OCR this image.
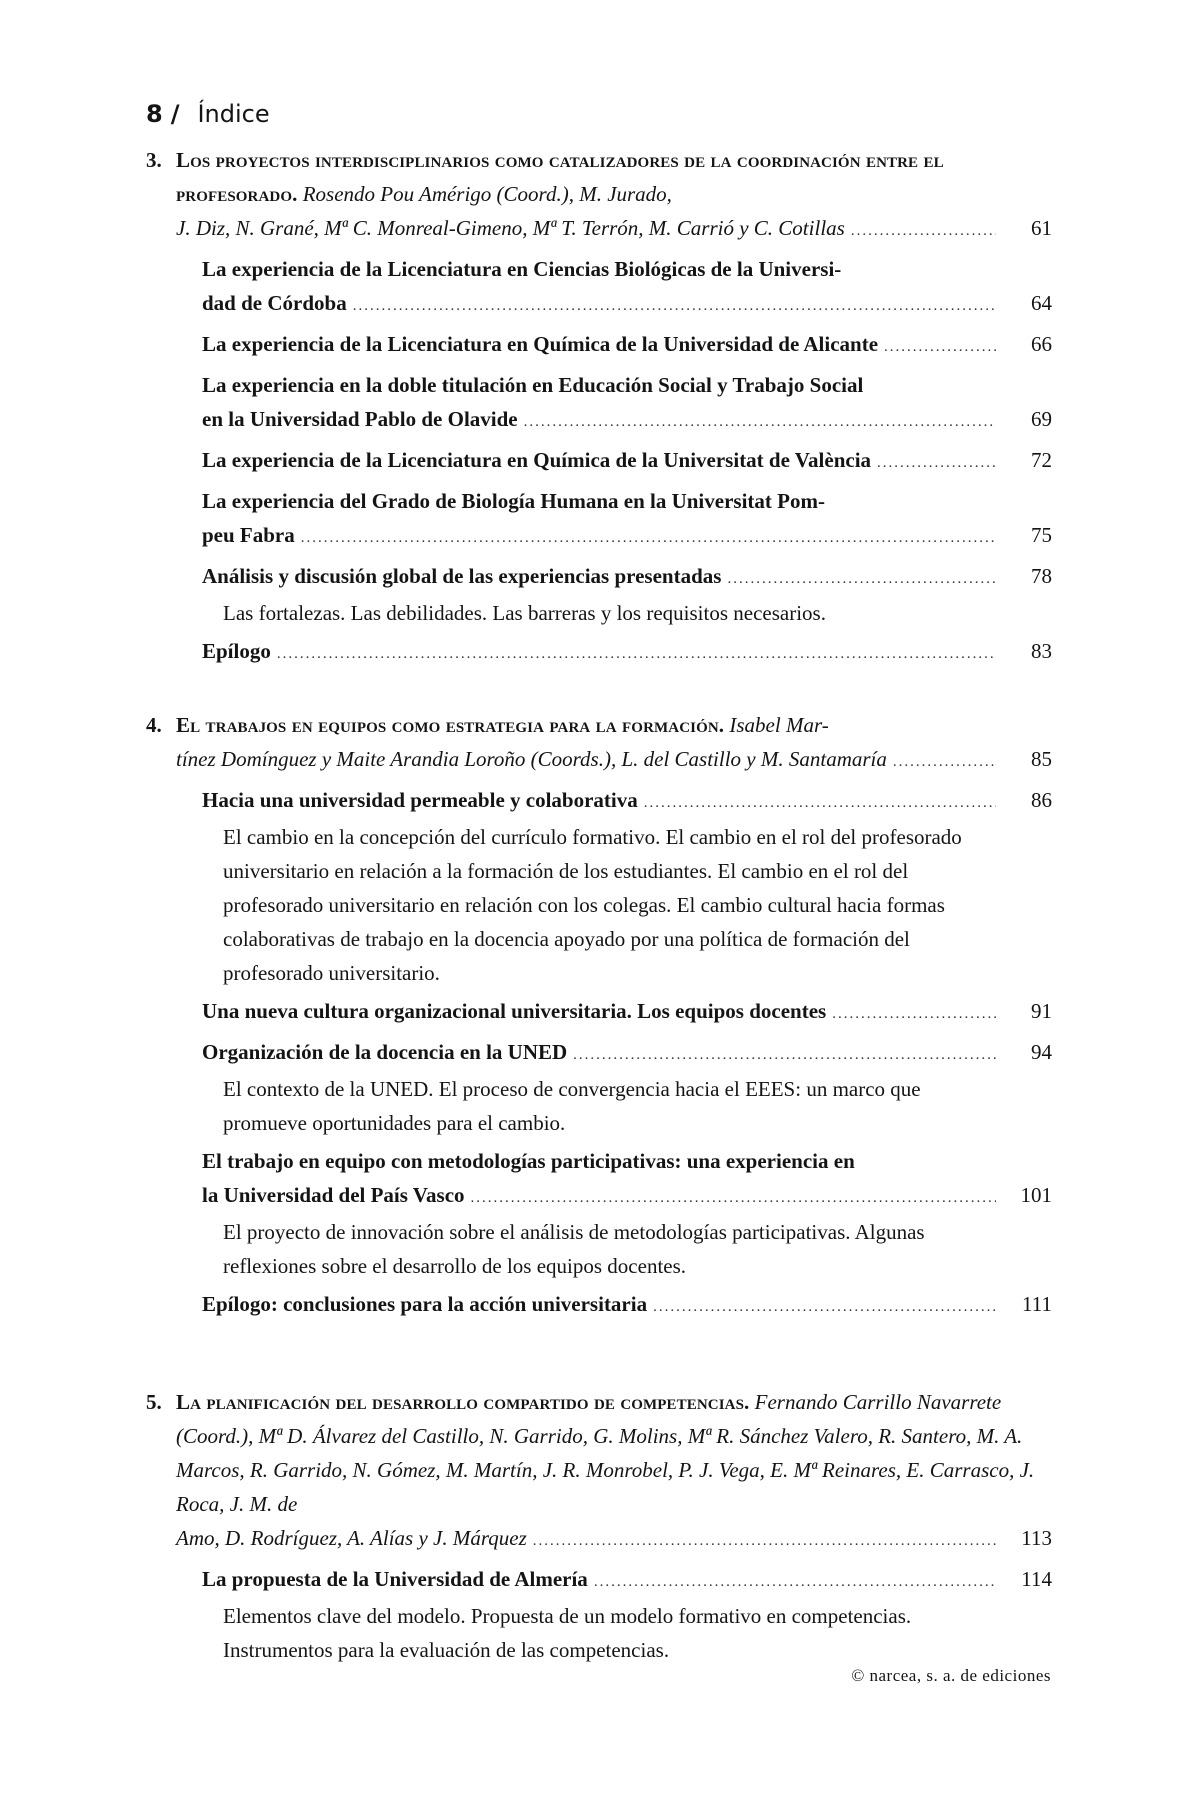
8 / Índice
3. Los proyectos interdisciplinarios como catalizadores de la coordinación entre el profesorado. Rosendo Pou Amérigo (Coord.), M. Jurado,
J. Diz, N. Grané, Mª C. Monreal-Gimeno, Mª T. Terrón, M. Carrió y C. Cotillas .....	61
La experiencia de la Licenciatura en Ciencias Biológicas de la Universi-
dad de Córdoba .....	64
La experiencia de la Licenciatura en Química de la Universidad de Alicante .....	66
La experiencia en la doble titulación en Educación Social y Trabajo Social
en la Universidad Pablo de Olavide .....	69
La experiencia de la Licenciatura en Química de la Universitat de València .....	72
La experiencia del Grado de Biología Humana en la Universitat Pom-
peu Fabra .....	75
Análisis y discusión global de las experiencias presentadas .....	78
Las fortalezas. Las debilidades. Las barreras y los requisitos necesarios.
Epílogo .....	83
4. El trabajos en equipos como estrategia para la formación. Isabel Mar-
tínez Domínguez y Maite Arandia Loroño (Coords.), L. del Castillo y M. Santamaría .....	85
Hacia una universidad permeable y colaborativa .....	86
El cambio en la concepción del currículo formativo. El cambio en el rol del profesorado universitario en relación a la formación de los estudiantes. El cambio en el rol del profesorado universitario en relación con los colegas. El cambio cultural hacia formas colaborativas de trabajo en la docencia apoyado por una política de formación del profesorado universitario.
Una nueva cultura organizacional universitaria. Los equipos docentes .....	91
Organización de la docencia en la UNED .....	94
El contexto de la UNED. El proceso de convergencia hacia el EEES: un marco que promueve oportunidades para el cambio.
El trabajo en equipo con metodologías participativas: una experiencia en
la Universidad del País Vasco .....	101
El proyecto de innovación sobre el análisis de metodologías participativas. Algunas reflexiones sobre el desarrollo de los equipos docentes.
Epílogo: conclusiones para la acción universitaria .....	111
5. La planificación del desarrollo compartido de competencias. Fernando Carrillo Navarrete (Coord.), Mª D. Álvarez del Castillo, N. Garrido, G. Molins, Mª R. Sánchez Valero, R. Santero, M. A. Marcos, R. Garrido, N. Gómez, M. Martín, J. R. Monrobel, P. J. Vega, E. Mª Reinares, E. Carrasco, J. Roca, J. M. de
Amo, D. Rodríguez, A. Alías y J. Márquez .....	113
La propuesta de la Universidad de Almería .....	114
Elementos clave del modelo. Propuesta de un modelo formativo en competencias. Instrumentos para la evaluación de las competencias.
© narcea, s. a. de ediciones
